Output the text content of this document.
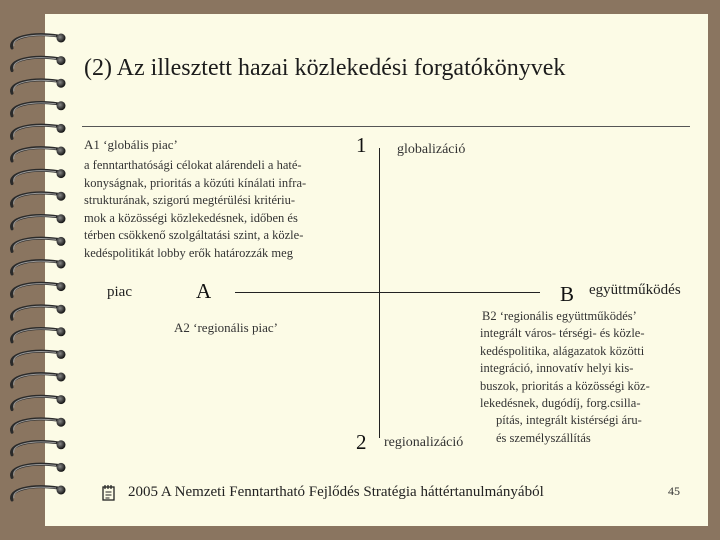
(2) Az illesztett hazai közlekedési forgatókönyvek
A1 ‘globális piac’	1 globalizáció
a fenntarthatósági célokat alárendeli a haté-
konyságnak, prioritás a közúti kínálati infra-
strukturának, szigorú megtérülési kritériu-
mok a közösségi közlekedésnek, időben és
térben csökkenő szolgáltatási szint, a közle-
kedéspolitikát lobby erők határozzák meg
piac	A	B együttműködés
A2 ‘regionális piac’
B2 ‘regionális együttműködés’
integrált város- térségi- és közle-
kedéspolitika, alágazatok közötti
integráció, innovatív helyi kis-
buszok, prioritás a közösségi köz-
lekedésnek, dugódíj, forg.csilla-
pítás, integrált kistérségi áru-
és személyszállítás
2 regionalizáció
2005 A Nemzeti Fenntartható Fejlődés Stratégia háttértanulmányából	45
